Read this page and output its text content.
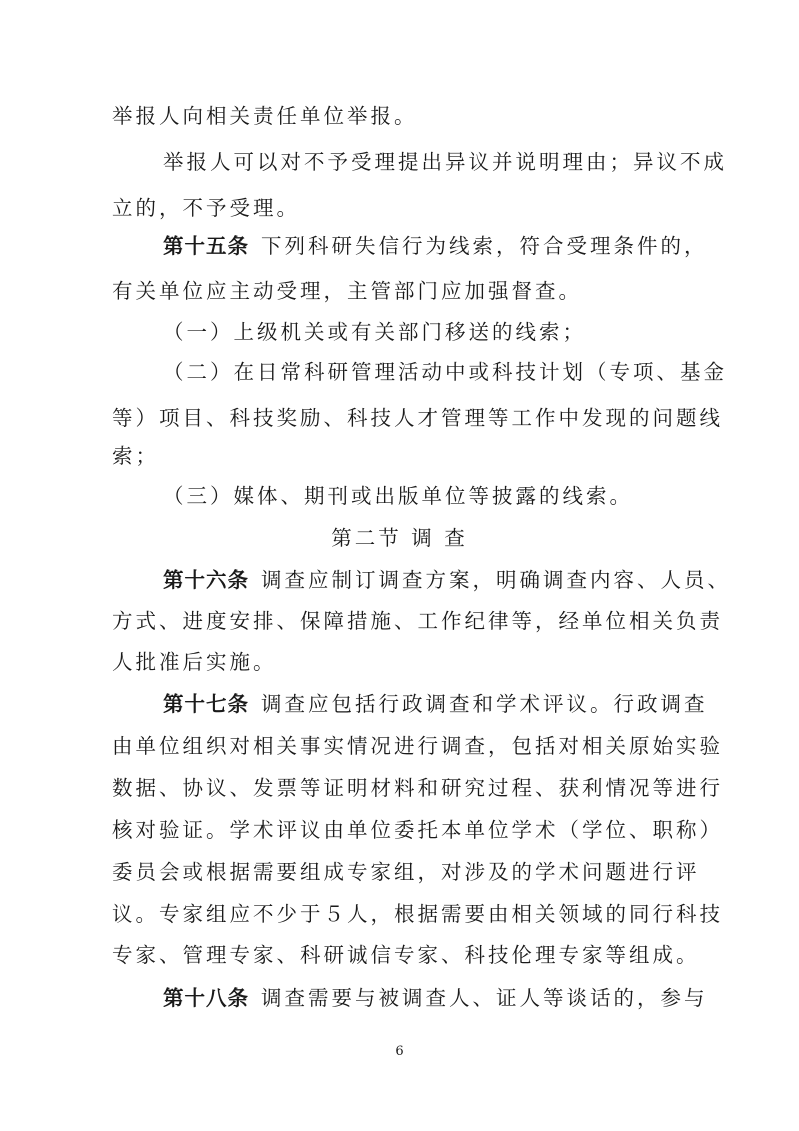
举报人向相关责任单位举报。
举报人可以对不予受理提出异议并说明理由；异议不成
立的，不予受理。
第十五条 下列科研失信行为线索，符合受理条件的，
有关单位应主动受理，主管部门应加强督查。
（一）上级机关或有关部门移送的线索；
（二）在日常科研管理活动中或科技计划（专项、基金
等）项目、科技奖励、科技人才管理等工作中发现的问题线
索；
（三）媒体、期刊或出版单位等披露的线索。
第二节 调 查
第十六条 调查应制订调查方案，明确调查内容、人员、
方式、进度安排、保障措施、工作纪律等，经单位相关负责
人批准后实施。
第十七条 调查应包括行政调查和学术评议。行政调查
由单位组织对相关事实情况进行调查，包括对相关原始实验
数据、协议、发票等证明材料和研究过程、获利情况等进行
核对验证。学术评议由单位委托本单位学术（学位、职称）
委员会或根据需要组成专家组，对涉及的学术问题进行评
议。专家组应不少于５人，根据需要由相关领域的同行科技
专家、管理专家、科研诚信专家、科技伦理专家等组成。
第十八条 调查需要与被调查人、证人等谈话的，参与
6
